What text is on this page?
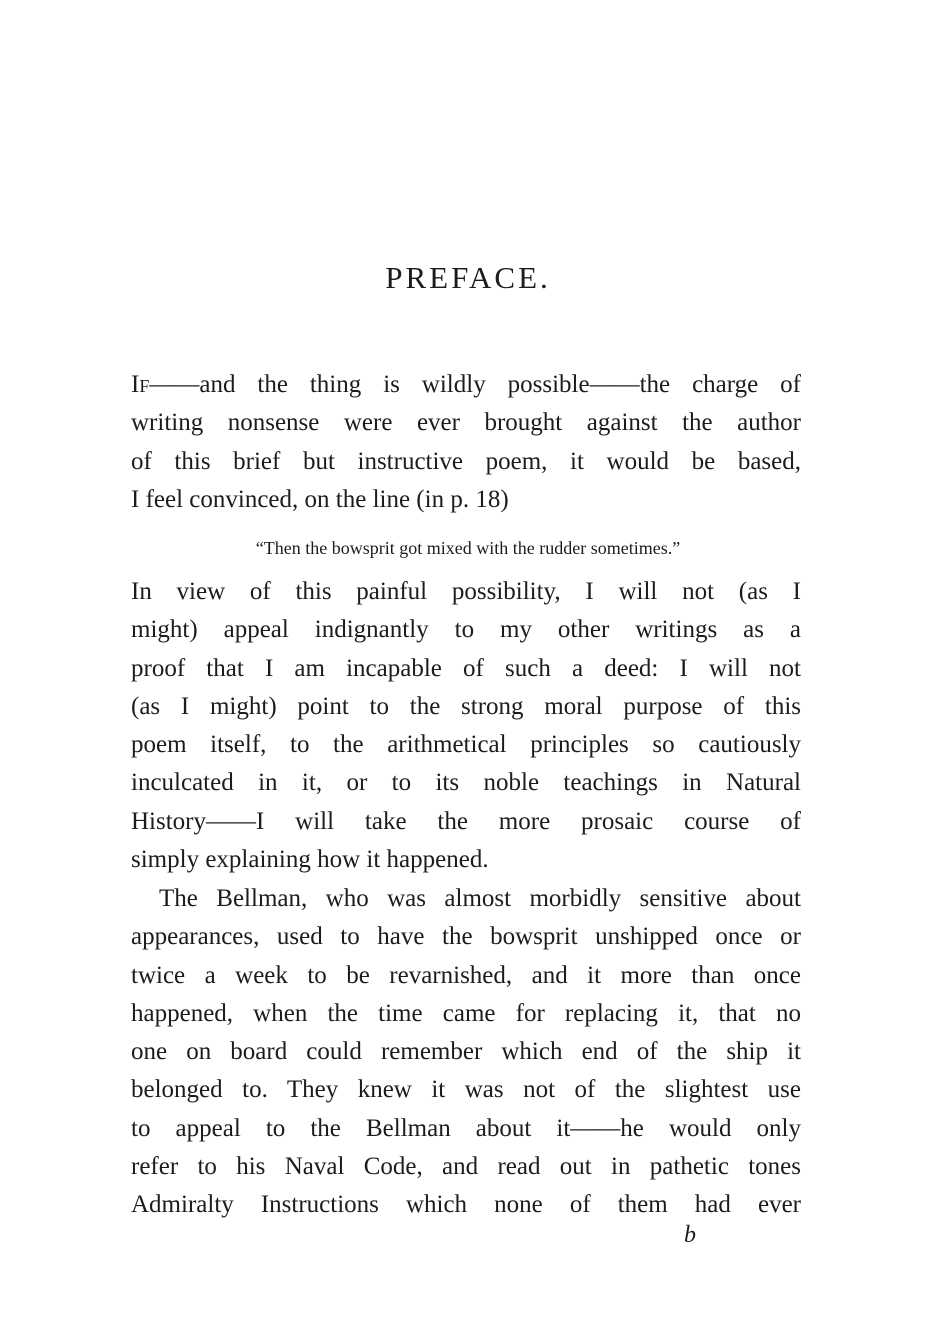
PREFACE.
If——and the thing is wildly possible——the charge of
writing nonsense were ever brought against the author
of this brief but instructive poem, it would be based,
I feel convinced, on the line (in p. 18)

“Then the bowsprit got mixed with the rudder sometimes.”

In view of this painful possibility, I will not (as I
might) appeal indignantly to my other writings as a
proof that I am incapable of such a deed: I will not
(as I might) point to the strong moral purpose of this
poem itself, to the arithmetical principles so cautiously
inculcated in it, or to its noble teachings in Natural
History——I will take the more prosaic course of
simply explaining how it happened.
The Bellman, who was almost morbidly sensitive about
appearances, used to have the bowsprit unshipped once or
twice a week to be revarnished, and it more than once
happened, when the time came for replacing it, that no
one on board could remember which end of the ship it
belonged to. They knew it was not of the slightest use
to appeal to the Bellman about it——he would only
refer to his Naval Code, and read out in pathetic tones
Admiralty Instructions which none of them had ever

b
